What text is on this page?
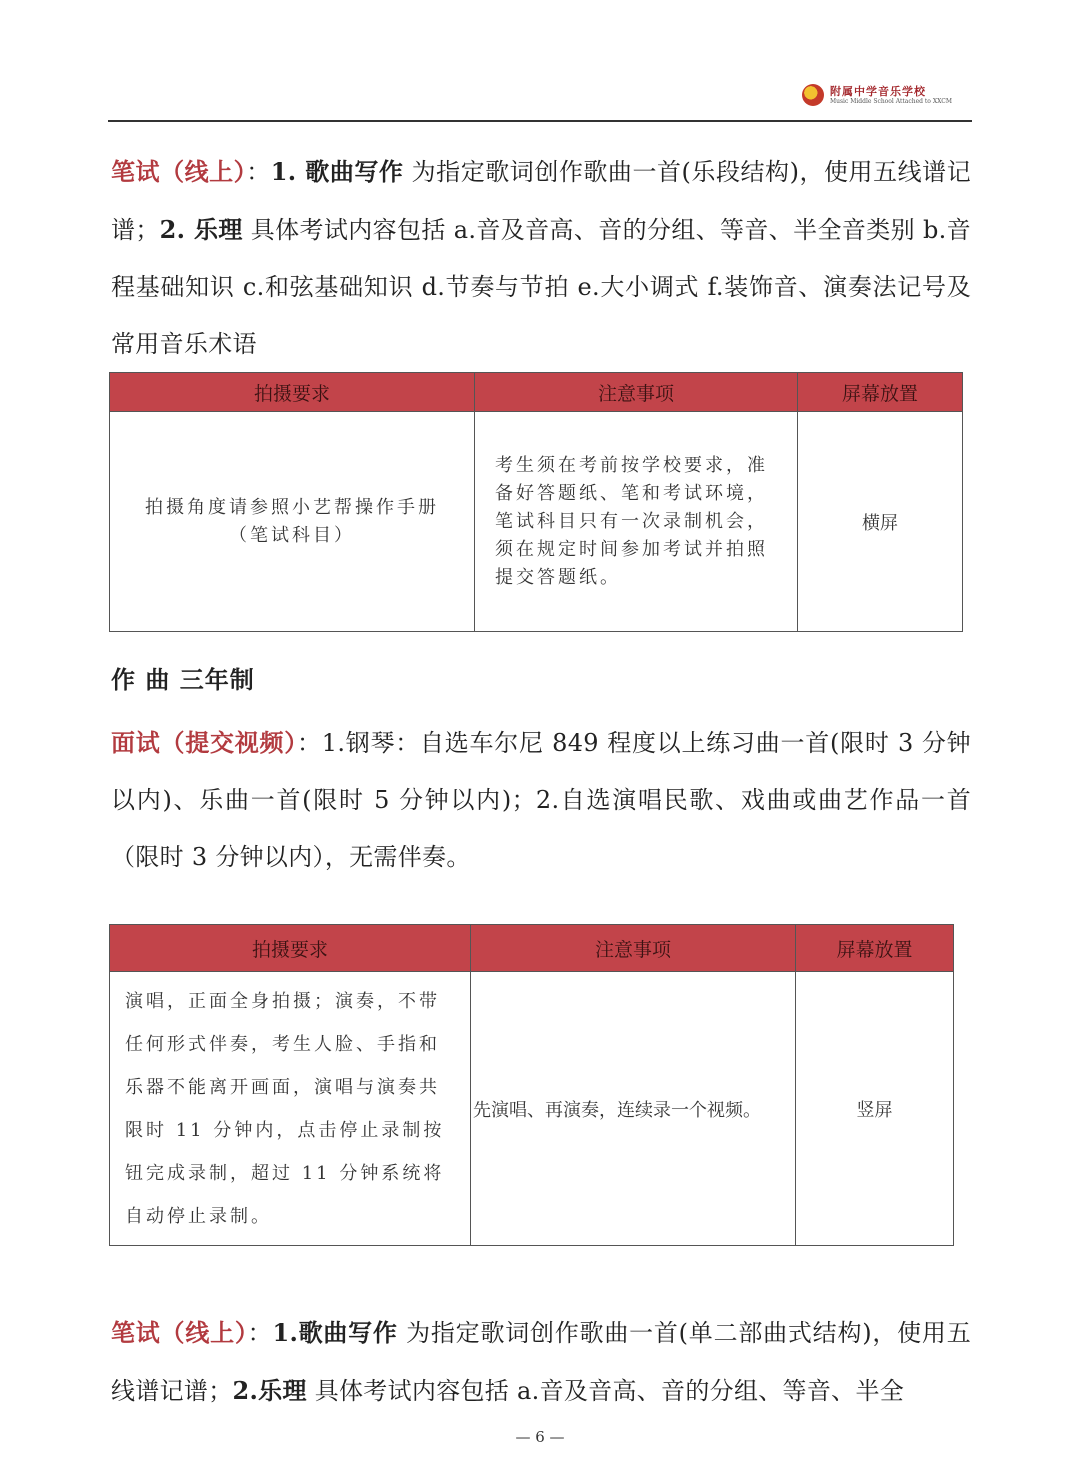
附属中学音乐学校
Music Middle School Attached to XXCM
笔试（线上）：1. 歌曲写作 为指定歌词创作歌曲一首(乐段结构)，使用五线谱记谱；2. 乐理 具体考试内容包括 a.音及音高、音的分组、等音、半全音类别 b.音程基础知识 c.和弦基础知识 d.节奏与节拍 e.大小调式 f.装饰音、演奏法记号及常用音乐术语
拍摄要求	注意事项	屏幕放置

拍摄角度请参照小艺帮操作手册（笔试科目）	考生须在考前按学校要求，准备好答题纸、笔和考试环境，笔试科目只有一次录制机会，须在规定时间参加考试并拍照提交答题纸。	横屏
作 曲 三年制
面试（提交视频）：1.钢琴：自选车尔尼 849 程度以上练习曲一首(限时 3 分钟以内)、乐曲一首(限时 5 分钟以内)；2.自选演唱民歌、戏曲或曲艺作品一首（限时 3 分钟以内），无需伴奏。
拍摄要求	注意事项	屏幕放置

演唱，正面全身拍摄；演奏，不带任何形式伴奏，考生人脸、手指和乐器不能离开画面，演唱与演奏共限时 11 分钟内，点击停止录制按钮完成录制，超过 11 分钟系统将自动停止录制。	先演唱、再演奏，连续录一个视频。	竖屏
笔试（线上）：1.歌曲写作 为指定歌词创作歌曲一首(单二部曲式结构)，使用五线谱记谱；2.乐理 具体考试内容包括 a.音及音高、音的分组、等音、半全
— 6 —
